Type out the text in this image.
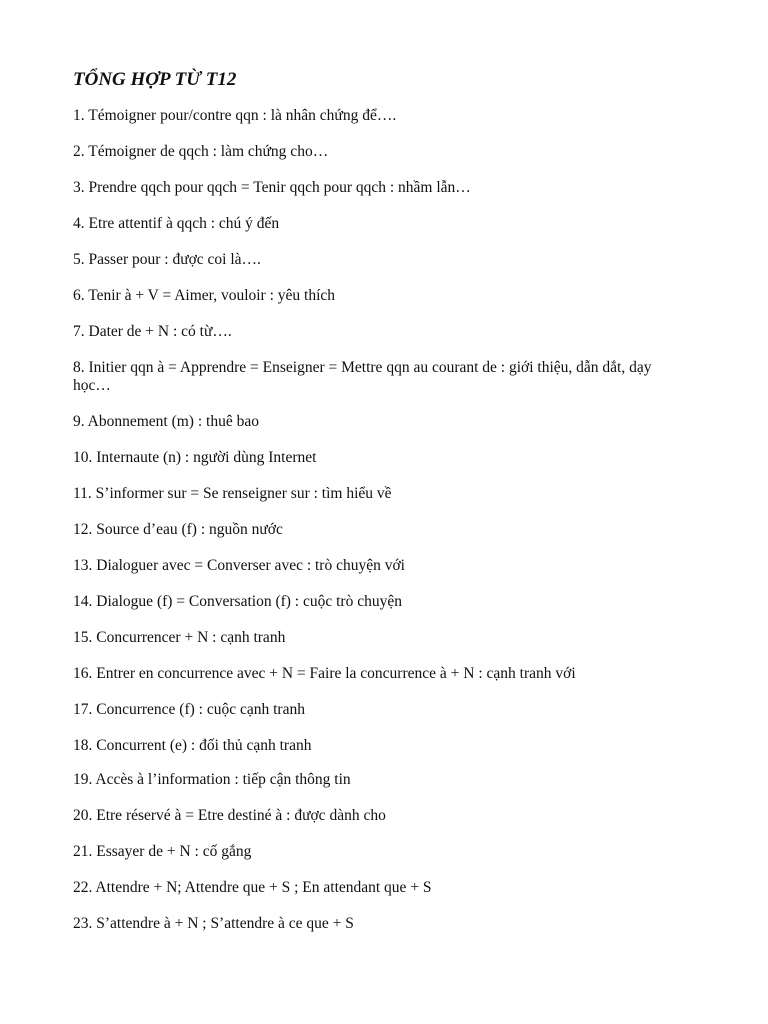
TỔNG HỢP TỪ T12
1. Témoigner pour/contre qqn : là nhân chứng để….
2. Témoigner de qqch : làm chứng cho…
3. Prendre qqch pour qqch = Tenir qqch pour qqch : nhầm lẫn…
4. Etre attentif à qqch : chú ý đến
5. Passer pour : được coi là….
6. Tenir à + V = Aimer, vouloir : yêu thích
7. Dater de + N : có từ….
8. Initier qqn à = Apprendre = Enseigner = Mettre qqn au courant de : giới thiệu, dẫn dắt, dạy học…
9. Abonnement (m) : thuê bao
10. Internaute (n) : người dùng Internet
11. S’informer sur = Se renseigner sur : tìm hiểu về
12. Source d’eau (f) : nguồn nước
13. Dialoguer avec = Converser avec : trò chuyện với
14. Dialogue (f) = Conversation (f) : cuộc trò chuyện
15. Concurrencer + N : cạnh tranh
16. Entrer en concurrence avec + N = Faire la concurrence à + N : cạnh tranh với
17. Concurrence (f) : cuộc cạnh tranh
18. Concurrent (e) : đối thủ cạnh tranh
19. Accès à l’information : tiếp cận thông tin
20. Etre réservé à = Etre destiné à : được dành cho
21. Essayer de + N : cố gắng
22. Attendre + N; Attendre que + S ; En attendant que + S
23. S’attendre à + N ; S’attendre à ce que + S
